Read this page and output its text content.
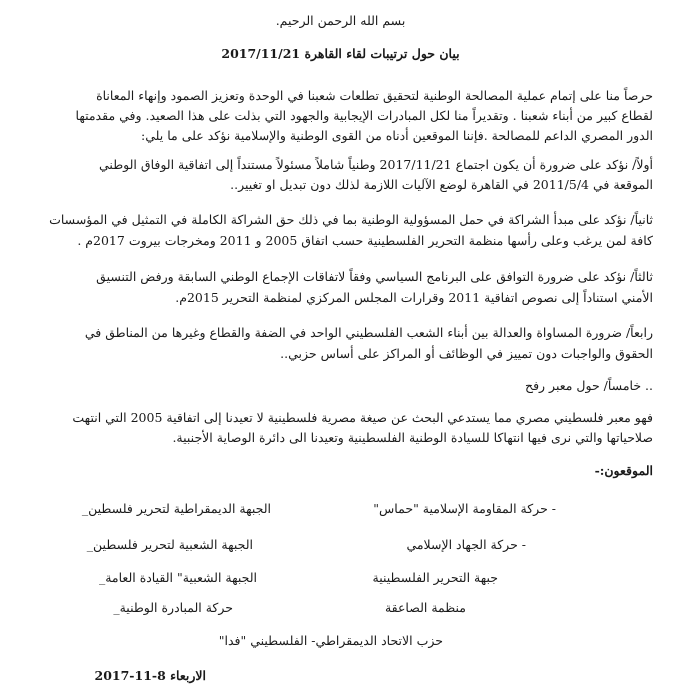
بسم الله الرحمن الرحيم.
بيان حول ترتيبات لقاء القاهرة 2017/11/21
حرصاً منا على إتمام عملية المصالحة الوطنية لتحقيق تطلعات شعبنا في الوحدة وتعزيز الصمود وإنهاء المعاناة
لقطاع كبير من أبناء شعبنا . وتقديراً منا لكل المبادرات الإيجابية والجهود التي بذلت على هذا الصعيد. وفي مقدمتها
الدور المصري الداعم للمصالحة .فإننا الموقعين أدناه من القوى الوطنية والإسلامية نؤكد على ما يلي:
أولاً/ نؤكد على ضرورة أن يكون اجتماع 2017/11/21 وطنياً شاملاً مسئولاً مستنداً إلى اتفاقية الوفاق الوطني
الموقعة في 2011/5/4 في القاهرة لوضع الآليات اللازمة لذلك دون تبديل او تغيير..
ثانياً/ نؤكد على مبدأ الشراكة في حمل المسؤولية الوطنية بما في ذلك حق الشراكة الكاملة في التمثيل في المؤسسات
كافة لمن يرغب وعلى رأسها منظمة التحرير الفلسطينية حسب اتفاق 2005 و 2011 ومخرجات بيروت 2017م .
ثالثاً/ نؤكد على ضرورة التوافق على البرنامج السياسي وفقاً لاتفاقات الإجماع الوطني السابقة ورفض التنسيق
الأمني استناداً إلى نصوص اتفاقية 2011 وقرارات المجلس المركزي لمنظمة التحرير 2015م.
رابعاً/ ضرورة المساواة والعدالة بين أبناء الشعب الفلسطيني الواحد في الضفة والقطاع وغيرها من المناطق في
الحقوق والواجبات دون تمييز في الوظائف أو المراكز على أساس حزبي..
.. خامساً/ حول معبر رفح
فهو معبر فلسطيني مصري مما يستدعي البحث عن صيغة مصرية فلسطينية لا تعيدنا إلى اتفاقية 2005 التي انتهت
صلاحياتها والتي نرى فيها انتهاكا للسيادة الوطنية الفلسطينية وتعيدنا الى دائرة الوصاية الأجنبية.
الموقعون:-
- حركة المقاومة الإسلامية "حماس"
- حركة الجهاد الإسلامي
جبهة التحرير الفلسطينية
منظمة الصاعقة
الجبهة الديمقراطية لتحرير فلسطين_
الجبهة الشعبية لتحرير فلسطين_
الجبهة الشعبية" القيادة العامة_
حركة المبادرة الوطنية_
حزب الاتحاد الديمقراطي- الفلسطيني "فدا"
الاربعاء 8-11-2017
